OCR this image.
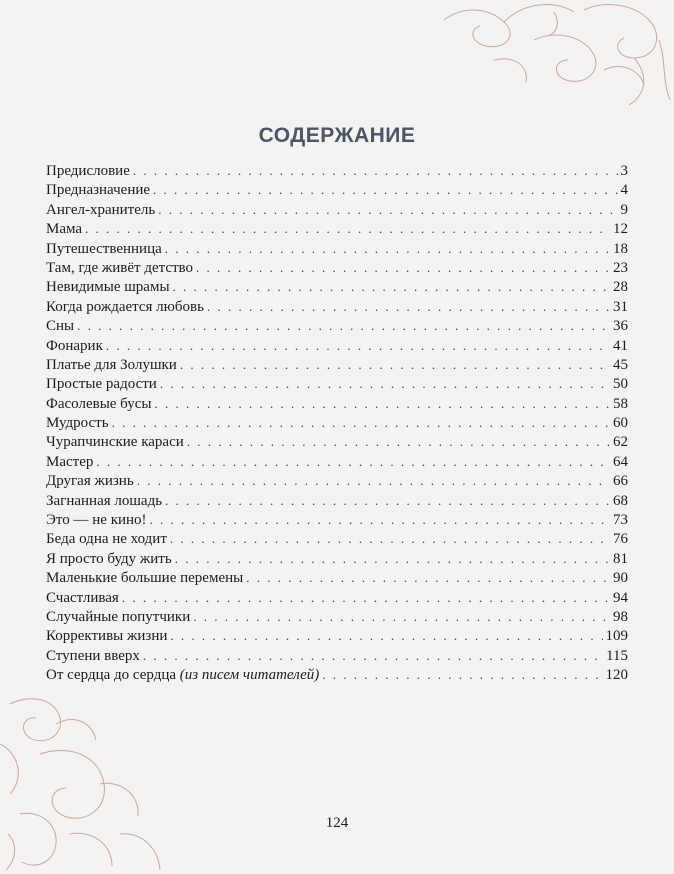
СОДЕРЖАНИЕ
Предисловие . . .	3
Предназначение . . .	4
Ангел-хранитель . . .	9
Мама . . .	12
Путешественница . . .	18
Там, где живёт детство . . .	23
Невидимые шрамы . . .	28
Когда рождается любовь . . .	31
Сны . . .	36
Фонарик . . .	41
Платье для Золушки . . .	45
Простые радости . . .	50
Фасолевые бусы . . .	58
Мудрость . . .	60
Чурапчинские караси . . .	62
Мастер . . .	64
Другая жизнь . . .	66
Загнанная лошадь . . .	68
Это — не кино! . . .	73
Беда одна не ходит . . .	76
Я просто буду жить . . .	81
Маленькие большие перемены . . .	90
Счастливая . . .	94
Случайные попутчики . . .	98
Коррективы жизни . . .	109
Ступени вверх . . .	115
От сердца до сердца (из писем читателей) . . .	120
124
